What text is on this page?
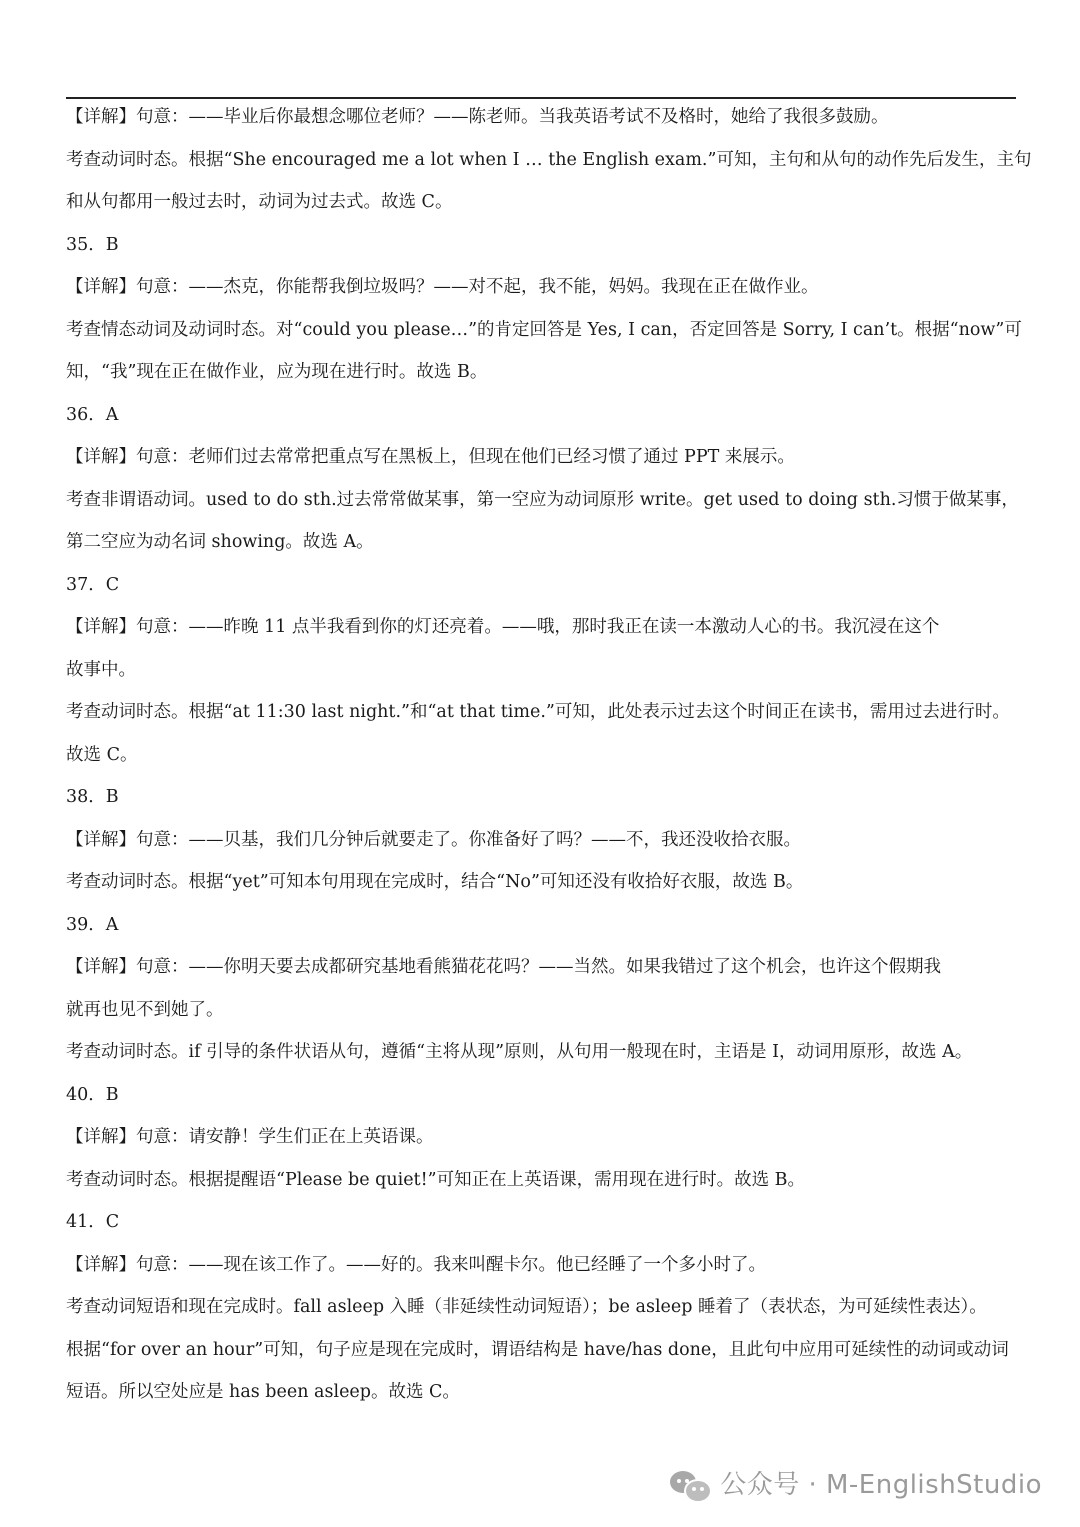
【详解】句意：——毕业后你最想念哪位老师？——陈老师。当我英语考试不及格时，她给了我很多鼓励。
考查动词时态。根据“She encouraged me a lot when I … the English exam.”可知，主句和从句的动作先后发生，主句
和从句都用一般过去时，动词为过去式。故选 C。
35．B
【详解】句意：——杰克，你能帮我倒垃圾吗？——对不起，我不能，妈妈。我现在正在做作业。
考查情态动词及动词时态。对“could you please…”的肯定回答是 Yes, I can，否定回答是 Sorry, I can’t。根据“now”可
知，“我”现在正在做作业，应为现在进行时。故选 B。
36．A
【详解】句意：老师们过去常常把重点写在黑板上，但现在他们已经习惯了通过 PPT 来展示。
考查非谓语动词。used to do sth.过去常常做某事，第一空应为动词原形 write。get used to doing sth.习惯于做某事，
第二空应为动名词 showing。故选 A。
37．C
【详解】句意：——昨晚 11 点半我看到你的灯还亮着。——哦，那时我正在读一本激动人心的书。我沉浸在这个
故事中。
考查动词时态。根据“at 11:30 last night.”和“at that time.”可知，此处表示过去这个时间正在读书，需用过去进行时。
故选 C。
38．B
【详解】句意：——贝基，我们几分钟后就要走了。你准备好了吗？——不，我还没收拾衣服。
考查动词时态。根据“yet”可知本句用现在完成时，结合“No”可知还没有收拾好衣服，故选 B。
39．A
【详解】句意：——你明天要去成都研究基地看熊猫花花吗？——当然。如果我错过了这个机会，也许这个假期我
就再也见不到她了。
考查动词时态。if 引导的条件状语从句，遵循“主将从现”原则，从句用一般现在时，主语是 I，动词用原形，故选 A。
40．B
【详解】句意：请安静！学生们正在上英语课。
考查动词时态。根据提醒语“Please be quiet!”可知正在上英语课，需用现在进行时。故选 B。
41．C
【详解】句意：——现在该工作了。——好的。我来叫醒卡尔。他已经睡了一个多小时了。
考查动词短语和现在完成时。fall asleep 入睡（非延续性动词短语）；be asleep 睡着了（表状态，为可延续性表达）。
根据“for over an hour”可知，句子应是现在完成时，谓语结构是 have/has done，且此句中应用可延续性的动词或动词
短语。所以空处应是 has been asleep。故选 C。
公众号 · M-EnglishStudio
